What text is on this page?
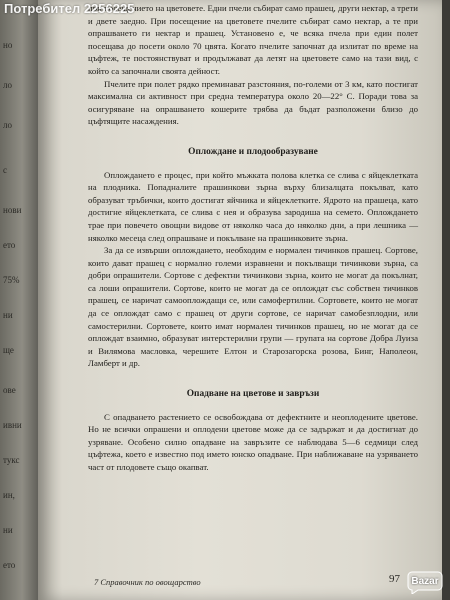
но
ло
ло
с
нови
ето
75%
ни
ще
ове
ивни
тукс
ин,
ни
ето

при посещението на цветовете. Едни пчели събират само прашец, други нектар, а трети и двете заедно. При посещение на цветовете пчелите събират само нектар, а те при опрашването ги нектар и прашец. Установено е, че всяка пчела при един полет посещава до посети около 70 цвята. Когато пчелите започнат да излитат по време на цъфтеж, те постоянствуват и продължават да летят на цветовете само на тази вид, с който са започнали своята дейност.

Пчелите при полет рядко преминават разстояния, по-големи от 3 км, като постигат максимална си активност при средна температура около 20—22° С. Поради това за осигуряване на опрашването кошерите трябва да бъдат разположени близо до цъфтящите насаждения.

Оплождане и плодообразуване

Оплождането е процес, при който мъжката полова клетка се слива с яйцеклетката на плодника. Попадналите прашинкови зърна върху близалцата покълват, като образуват тръбички, които достигат яйчника и яйцеклетките. Ядрото на прашеца, като достигне яйцеклетката, се слива с нея и образува зародиша на семето. Оплождането трае при повечето овощни видове от няколко часа до няколко дни, а при лешника — няколко месеца след опрашване и покълване на прашинковите зърна.

За да се извърши оплождането, необходим е нормален тичинков прашец. Сортове, които дават прашец с нормално големи изравнени и покълващи тичинкови зърна, са добри опрашители. Сортове с дефектни тичинкови зърна, които не могат да покълнат, са лоши опрашители. Сортове, които не могат да се оплождат със собствен тичинков прашец, се наричат самооплождащи се, или самофертилни. Сортовете, които не могат да се оплождат само с прашец от други сортове, се наричат самобезплодни, или самостерилни. Сортовете, които имат нормален тичинков прашец, но не могат да се оплождат взаимно, образуват интерстерилни групи — групата на сортове Добра Луиза и Вилямова масловка, черешите Елтон и Старозагорска розова, Бинг, Наполеон, Ламберт и др.

Опадване на цветове и завръзи

С опадването растението се освобождава от дефектните и неоплодените цветове. Но не всички опрашени и оплодени цветове може да се задържат и да достигнат до узряване. Особено силно опадване на завръзите се наблюдава 5—6 седмици след цъфтежа, което е известно под името юнско опадване. При наближаване на узряването част от плодовете също окапват.

7 Справочник по овощарство	97
Потребител 2256225
Bazar
